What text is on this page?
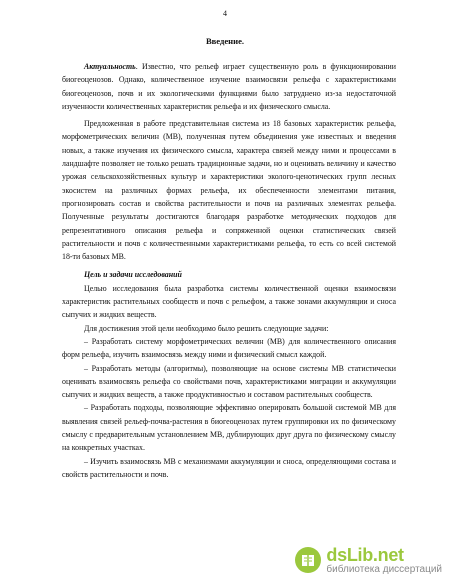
4
Введение.

Актуальность. Известно, что рельеф играет существенную роль в функционировании биогеоценозов. Однако, количественное изучение взаимосвязи рельефа с характеристиками биогеоценозов, почв и их экологическими функциями было затруднено из-за недостаточной изученности количественных характеристик рельефа и их физического смысла.

Предложенная в работе представительная система из 18 базовых характеристик рельефа, морфометрических величин (МВ), полученная путем объединения уже известных и введения новых, а также изучения их физического смысла, характера связей между ними и процессами в ландшафте позволяет не только решать традиционные задачи, но и оценивать величину и качество урожая сельскохозяйственных культур и характеристики эколого-ценотических групп лесных экосистем на различных формах рельефа, их обеспеченности элементами питания, прогнозировать состав и свойства растительности и почв на различных элементах рельефа. Полученные результаты достигаются благодаря разработке методических подходов для репрезентативного описания рельефа и сопряженной оценки статистических связей растительности и почв с количественными характеристиками рельефа, то есть со всей системой 18-ти базовых МВ.

Цель и задачи исследований

Целью исследования была разработка системы количественной оценки взаимосвязи характеристик растительных сообществ и почв с рельефом, а также зонами аккумуляции и сноса сыпучих и жидких веществ.

Для достижения этой цели необходимо было решить следующие задачи:

– Разработать систему морфометрических величин (МВ) для количественного описания форм рельефа, изучить взаимосвязь между ними и физический смысл каждой.

– Разработать методы (алгоритмы), позволяющие на основе системы МВ статистически оценивать взаимосвязь рельефа со свойствами почв, характеристиками миграции и аккумуляции сыпучих и жидких веществ, а также продуктивностью и составом растительных сообществ.

– Разработать подходы, позволяющие эффективно оперировать большой системой МВ для выявления связей рельеф-почва-растения в биогеоценозах путем группировки их по физическому смыслу с предварительным установлением МВ, дублирующих друг друга по физическому смыслу на конкретных участках.

– Изучить взаимосвязь МВ с механизмами аккумуляции и сноса, определяющими состава и свойств растительности и почв.

dsLib.net
библиотека диссертаций
